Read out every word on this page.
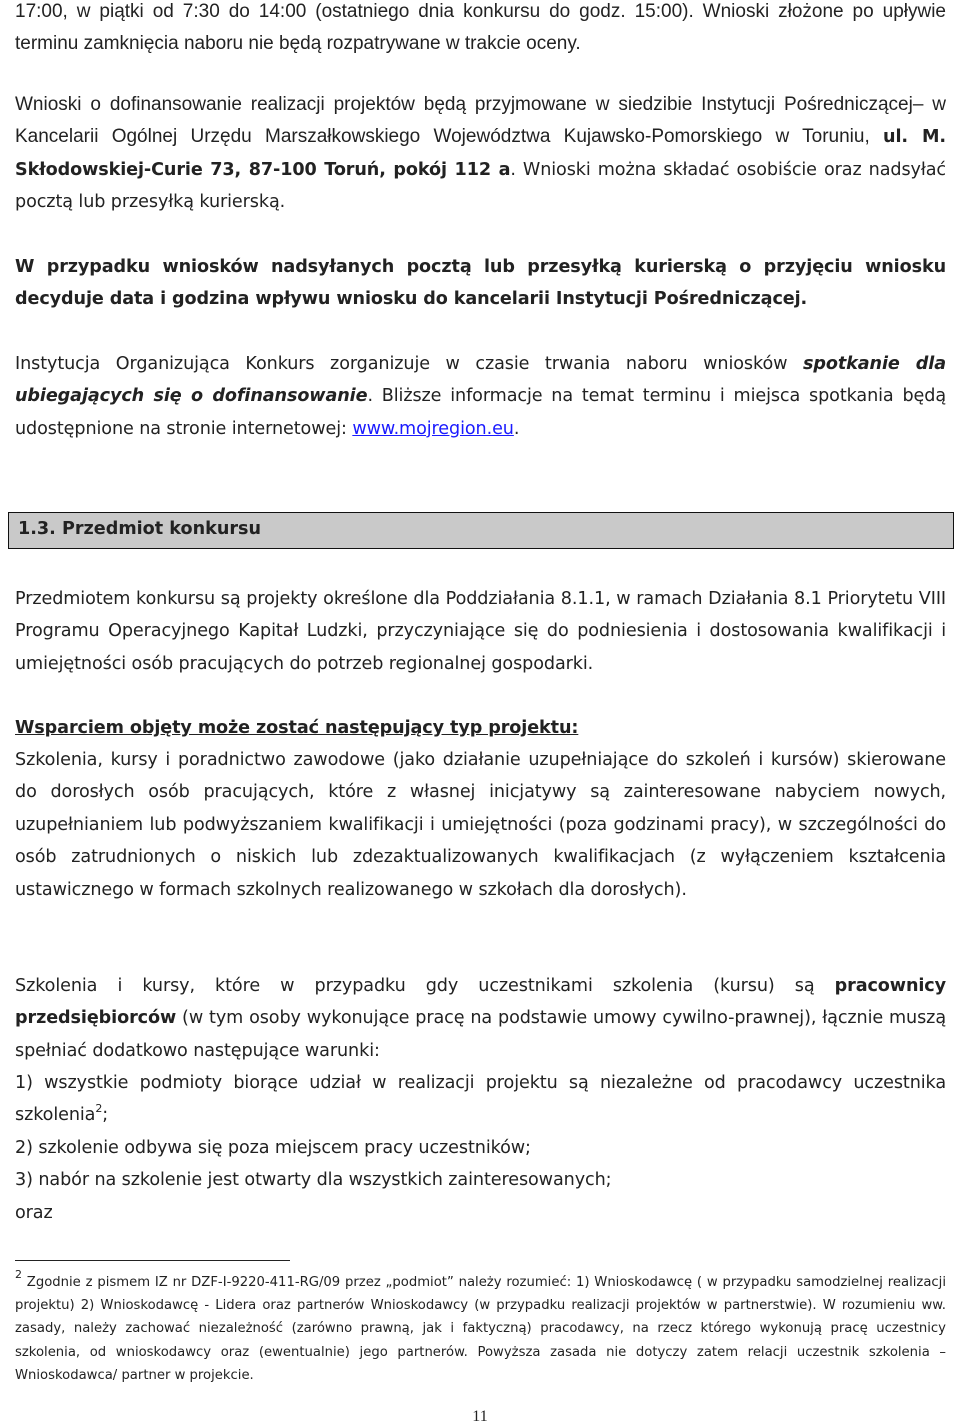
17:00, w piątki od 7:30 do 14:00 (ostatniego dnia konkursu do godz. 15:00). Wnioski złożone po upływie terminu zamknięcia naboru nie będą rozpatrywane w trakcie oceny.

Wnioski o dofinansowanie realizacji projektów będą przyjmowane w siedzibie Instytucji Pośredniczącej– w Kancelarii Ogólnej Urzędu Marszałkowskiego Województwa Kujawsko-Pomorskiego w Toruniu, ul. M. Skłodowskiej-Curie 73, 87-100 Toruń, pokój 112 a. Wnioski można składać osobiście oraz nadsyłać pocztą lub przesyłką kurierską.

W przypadku wniosków nadsyłanych pocztą lub przesyłką kurierską o przyjęciu wniosku decyduje data i godzina wpływu wniosku do kancelarii Instytucji Pośredniczącej.

Instytucja Organizująca Konkurs zorganizuje w czasie trwania naboru wniosków spotkanie dla ubiegających się o dofinansowanie. Bliższe informacje na temat terminu i miejsca spotkania będą udostępnione na stronie internetowej: www.mojregion.eu.

1.3. Przedmiot konkursu

Przedmiotem konkursu są projekty określone dla Poddziałania 8.1.1, w ramach Działania 8.1 Priorytetu VIII Programu Operacyjnego Kapitał Ludzki, przyczyniające się do podniesienia i dostosowania kwalifikacji i umiejętności osób pracujących do potrzeb regionalnej gospodarki.

Wsparciem objęty może zostać następujący typ projektu:

Szkolenia, kursy i poradnictwo zawodowe (jako działanie uzupełniające do szkoleń i kursów) skierowane do dorosłych osób pracujących, które z własnej inicjatywy są zainteresowane nabyciem nowych, uzupełnianiem lub podwyższaniem kwalifikacji i umiejętności (poza godzinami pracy), w szczególności do osób zatrudnionych o niskich lub zdezaktualizowanych kwalifikacjach (z wyłączeniem kształcenia ustawicznego w formach szkolnych realizowanego w szkołach dla dorosłych).

Szkolenia i kursy, które w przypadku gdy uczestnikami szkolenia (kursu) są pracownicy przedsiębiorców (w tym osoby wykonujące pracę na podstawie umowy cywilno-prawnej), łącznie muszą spełniać dodatkowo następujące warunki:

1) wszystkie podmioty biorące udział w realizacji projektu są niezależne od pracodawcy uczestnika szkolenia$^2$;
2) szkolenie odbywa się poza miejscem pracy uczestników;
3) nabór na szkolenie jest otwarty dla wszystkich zainteresowanych;
oraz

$^2$ Zgodnie z pismem IZ nr DZF-I-9220-411-RG/09 przez „podmiot” należy rozumieć: 1) Wnioskodawcę ( w przypadku samodzielnej realizacji projektu) 2) Wnioskodawcę - Lidera oraz partnerów Wnioskodawcy (w przypadku realizacji projektów w partnerstwie). W rozumieniu ww. zasady, należy zachować niezależność (zarówno prawną, jak i faktyczną) pracodawcy, na rzecz którego wykonują pracę uczestnicy szkolenia, od wnioskodawcy oraz (ewentualnie) jego partnerów. Powyższa zasada nie dotyczy zatem relacji uczestnik szkolenia – Wnioskodawca/ partner w projekcie.

11
